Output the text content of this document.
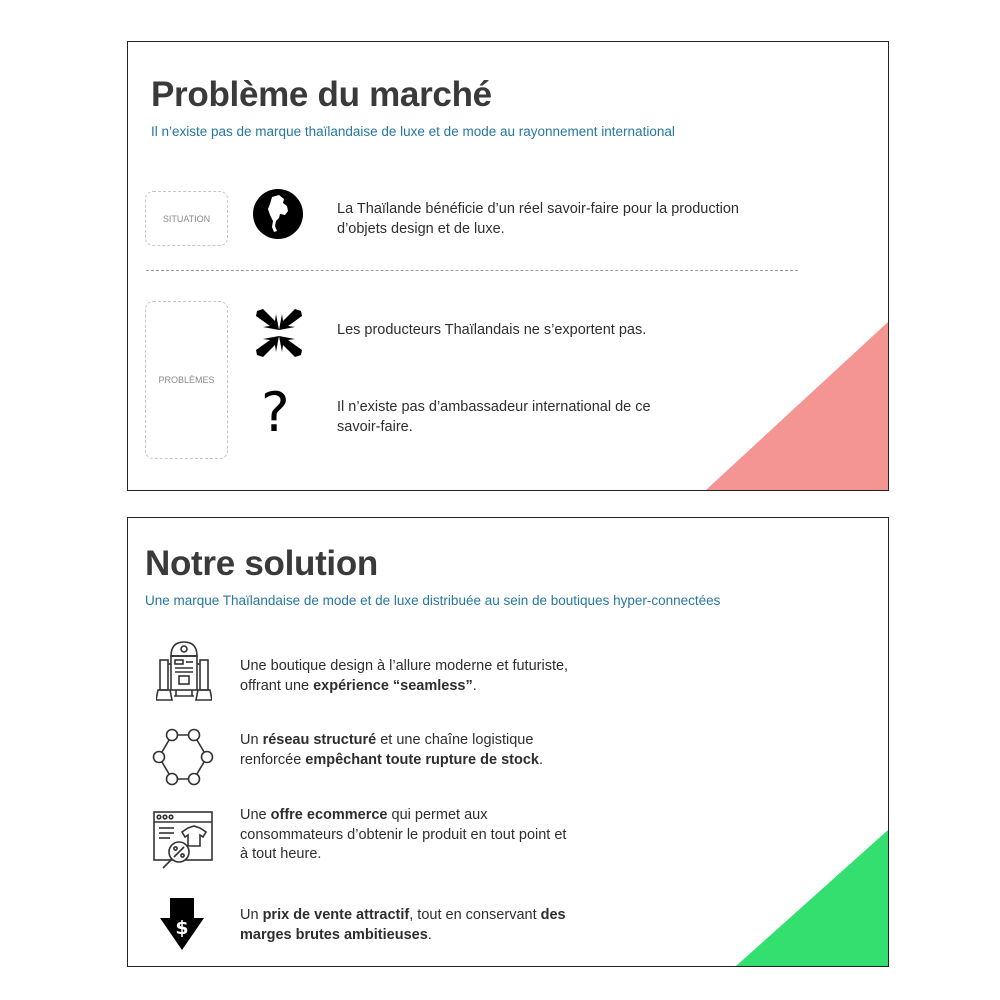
Problème du marché

Il n’existe pas de marque thaïlandaise de luxe et de mode au rayonnement international

SITUATION

La Thaïlande bénéficie d’un réel savoir-faire pour la production
d’objets design et de luxe.

PROBLÈMES

Les producteurs Thaïlandais ne s’exportent pas.

?	Il n’existe pas d’ambassadeur international de ce
savoir-faire.

Notre solution

Une marque Thaïlandaise de mode et de luxe distribuée au sein de boutiques hyper-connectées

Une boutique design à l’allure moderne et futuriste,
offrant une expérience “seamless”.

Un réseau structuré et une chaîne logistique
renforcée empêchant toute rupture de stock.

Une offre ecommerce qui permet aux
consommateurs d’obtenir le produit en tout point et
à tout heure.

$

Un prix de vente attractif, tout en conservant des
marges brutes ambitieuses.
